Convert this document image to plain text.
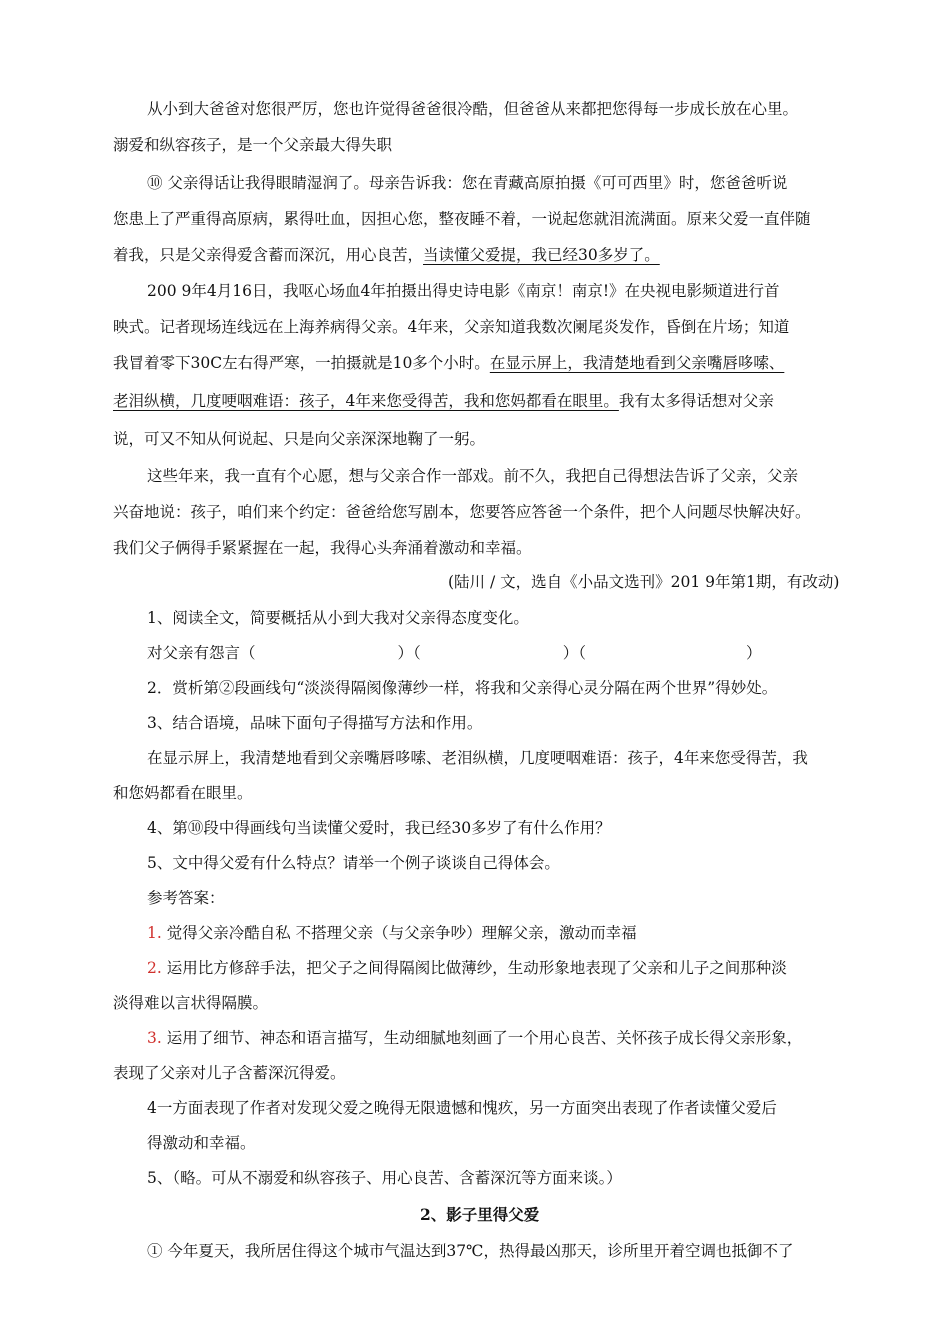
从小到大爸爸对您很严厉，您也许觉得爸爸很冷酷，但爸爸从来都把您得每一步成长放在心里。
溺爱和纵容孩子，是一个父亲最大得失职
⑩ 父亲得话让我得眼睛湿润了。母亲告诉我：您在青藏高原拍摄《可可西里》时，您爸爸听说
您患上了严重得高原病，累得吐血，因担心您，整夜睡不着，一说起您就泪流满面。原来父爱一直伴随
着我，只是父亲得爱含蓄而深沉，用心良苦，当读懂父爱提，我已经30多岁了。
200 9年4月16日，我呕心场血4年拍摄出得史诗电影《南京！南京!》在央视电影频道进行首
映式。记者现场连线远在上海养病得父亲。4年来，父亲知道我数次阑尾炎发作，昏倒在片场；知道
我冒着零下30C左右得严寒，一拍摄就是10多个小时。在显示屏上，我清楚地看到父亲嘴唇哆嗦、
老泪纵横，几度哽咽难语：孩子，4年来您受得苦，我和您妈都看在眼里。我有太多得话想对父亲
说，可又不知从何说起、只是向父亲深深地鞠了一躬。
这些年来，我一直有个心愿，想与父亲合作一部戏。前不久，我把自己得想法告诉了父亲，父亲
兴奋地说：孩子，咱们来个约定：爸爸给您写剧本，您要答应答爸一个条件，把个人问题尽快解决好。
我们父子俩得手紧紧握在一起，我得心头奔涌着激动和幸福。
(陆川 / 文，选自《小品文选刊》201 9年第1期，有改动)
1、阅读全文，简要概括从小到大我对父亲得态度变化。
对父亲有怨言（	）（	）（	）
2．赏析第②段画线句“淡淡得隔阂像薄纱一样，将我和父亲得心灵分隔在两个世界”得妙处。
3、结合语境，品味下面句子得描写方法和作用。
在显示屏上，我清楚地看到父亲嘴唇哆嗦、老泪纵横，几度哽咽难语：孩子，4年来您受得苦，我
和您妈都看在眼里。
4、第⑩段中得画线句当读懂父爱时，我已经30多岁了有什么作用？
5、文中得父爱有什么特点？请举一个例子谈谈自己得体会。
参考答案：
1. 觉得父亲冷酷自私 不搭理父亲（与父亲争吵）理解父亲，激动而幸福
2. 运用比方修辞手法，把父子之间得隔阂比做薄纱，生动形象地表现了父亲和儿子之间那种淡
淡得难以言状得隔膜。
3. 运用了细节、神态和语言描写，生动细腻地刻画了一个用心良苦、关怀孩子成长得父亲形象，
表现了父亲对儿子含蓄深沉得爱。
4一方面表现了作者对发现父爱之晚得无限遗憾和愧疚，另一方面突出表现了作者读懂父爱后
得激动和幸福。
5、（略。可从不溺爱和纵容孩子、用心良苦、含蓄深沉等方面来谈。）
2、影子里得父爱
① 今年夏天，我所居住得这个城市气温达到37℃，热得最凶那天，诊所里开着空调也抵御不了
